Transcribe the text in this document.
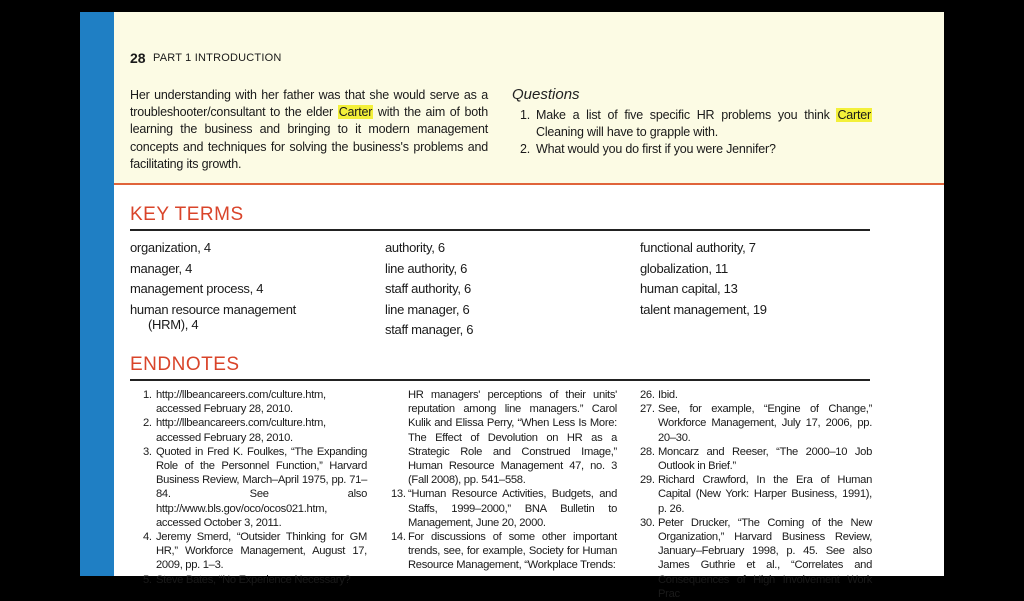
28 PART 1 INTRODUCTION
Her understanding with her father was that she would serve as a troubleshooter/consultant to the elder Carter with the aim of both learning the business and bringing to it modern management concepts and techniques for solving the business's problems and facilitating its growth.
Questions
1. Make a list of five specific HR problems you think Carter Cleaning will have to grapple with.
2. What would you do first if you were Jennifer?
KEY TERMS
organization, 4
manager, 4
management process, 4
human resource management
(HRM), 4
authority, 6
line authority, 6
staff authority, 6
line manager, 6
staff manager, 6
functional authority, 7
globalization, 11
human capital, 13
talent management, 19
ENDNOTES
1. http://llbeancareers.com/culture.htm, accessed February 28, 2010.
2. http://llbeancareers.com/culture.htm, accessed February 28, 2010.
3. Quoted in Fred K. Foulkes, “The Expanding Role of the Personnel Function,” Harvard Business Review, March–April 1975, pp. 71–84. See also http://www.bls.gov/oco/ocos021.htm, accessed October 3, 2011.
4. Jeremy Smerd, “Outsider Thinking for GM HR,” Workforce Management, August 17, 2009, pp. 1–3.
5. Steve Bates, “No Experience Necessary?
HR managers' perceptions of their units' reputation among line managers.” Carol Kulik and Elissa Perry, “When Less Is More: The Effect of Devolution on HR as a Strategic Role and Construed Image,” Human Resource Management 47, no. 3 (Fall 2008), pp. 541–558.
13. “Human Resource Activities, Budgets, and Staffs, 1999–2000,” BNA Bulletin to Management, June 20, 2000.
14. For discussions of some other important trends, see, for example, Society for Human Resource Management, “Workplace Trends:
26. Ibid.
27. See, for example, “Engine of Change,” Workforce Management, July 17, 2006, pp. 20–30.
28. Moncarz and Reeser, “The 2000–10 Job Outlook in Brief.”
29. Richard Crawford, In the Era of Human Capital (New York: Harper Business, 1991), p. 26.
30. Peter Drucker, “The Coming of the New Organization,” Harvard Business Review, January–February 1998, p. 45. See also James Guthrie et al., “Correlates and Consequences of High Involvement Work Prac
